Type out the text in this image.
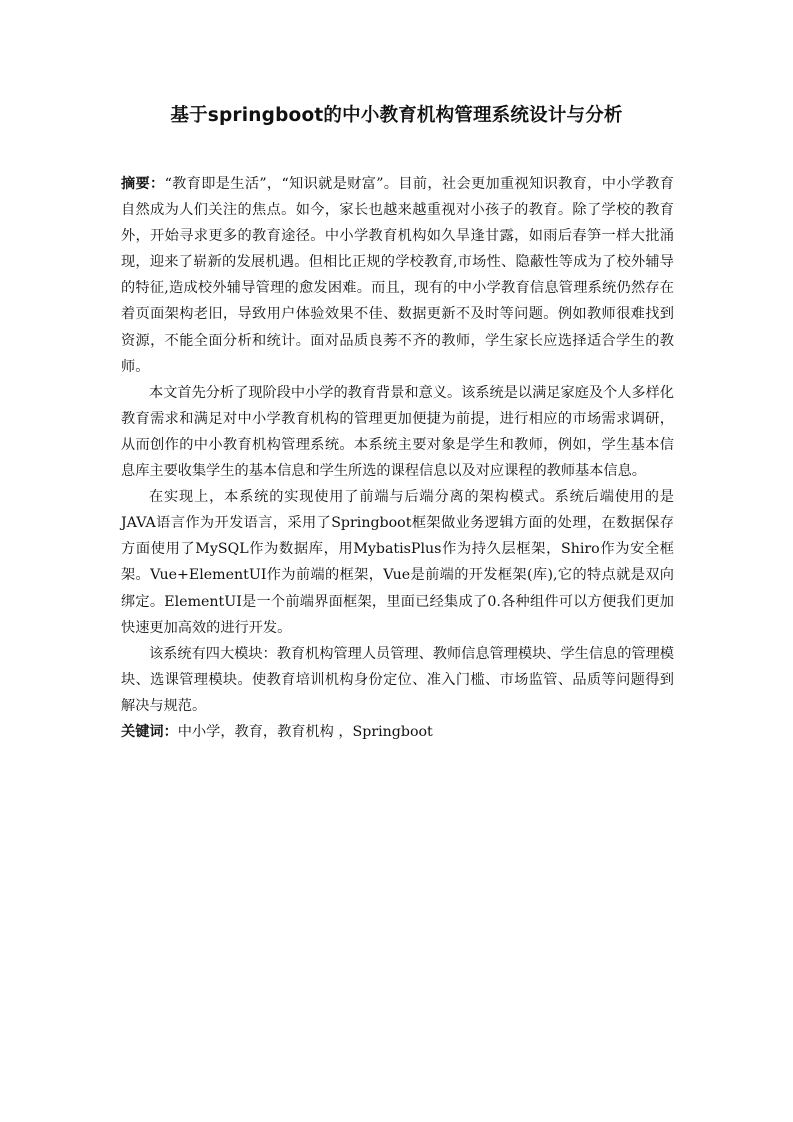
基于springboot的中小教育机构管理系统设计与分析

摘要：“教育即是生活”，“知识就是财富”。目前，社会更加重视知识教育，中小学教育自然成为人们关注的焦点。如今，家长也越来越重视对小孩子的教育。除了学校的教育外，开始寻求更多的教育途径。中小学教育机构如久旱逢甘露，如雨后春笋一样大批涌现，迎来了崭新的发展机遇。但相比正规的学校教育,市场性、隐蔽性等成为了校外辅导的特征,造成校外辅导管理的愈发困难。而且，现有的中小学教育信息管理系统仍然存在着页面架构老旧，导致用户体验效果不佳、数据更新不及时等问题。例如教师很难找到资源，不能全面分析和统计。面对品质良莠不齐的教师，学生家长应选择适合学生的教师。

本文首先分析了现阶段中小学的教育背景和意义。该系统是以满足家庭及个人多样化教育需求和满足对中小学教育机构的管理更加便捷为前提，进行相应的市场需求调研，从而创作的中小教育机构管理系统。本系统主要对象是学生和教师，例如，学生基本信息库主要收集学生的基本信息和学生所选的课程信息以及对应课程的教师基本信息。

在实现上，本系统的实现使用了前端与后端分离的架构模式。系统后端使用的是JAVA语言作为开发语言，采用了Springboot框架做业务逻辑方面的处理，在数据保存方面使用了MySQL作为数据库，用MybatisPlus作为持久层框架，Shiro作为安全框架。Vue+ElementUI作为前端的框架，Vue是前端的开发框架(库),它的特点就是双向绑定。ElementUI是一个前端界面框架，里面已经集成了0.各种组件可以方便我们更加快速更加高效的进行开发。

该系统有四大模块：教育机构管理人员管理、教师信息管理模块、学生信息的管理模块、选课管理模块。使教育培训机构身份定位、准入门槛、市场监管、品质等问题得到解决与规范。

关键词：中小学，教育，教育机构 ，Springboot
